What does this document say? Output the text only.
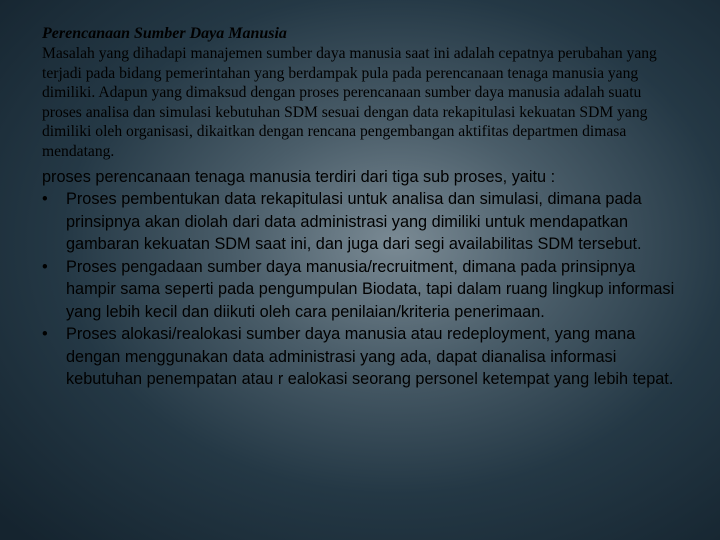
Perencanaan Sumber Daya Manusia

Masalah yang dihadapi manajemen sumber daya manusia saat ini adalah cepatnya perubahan yang terjadi pada bidang pemerintahan yang berdampak pula pada perencanaan tenaga manusia yang dimiliki. Adapun yang dimaksud dengan proses perencanaan sumber daya manusia adalah suatu proses analisa dan simulasi kebutuhan SDM sesuai dengan data rekapitulasi kekuatan SDM yang dimiliki oleh organisasi, dikaitkan dengan rencana pengembangan aktifitas departmen dimasa mendatang.

proses perencanaan tenaga manusia terdiri dari tiga sub proses, yaitu :

•	Proses pembentukan data rekapitulasi untuk analisa dan simulasi, dimana pada prinsipnya akan diolah dari data administrasi yang dimiliki untuk mendapatkan gambaran kekuatan SDM saat ini, dan juga dari segi availabilitas SDM tersebut.
•	Proses pengadaan sumber daya manusia/recruitment, dimana pada prinsipnya hampir sama seperti pada pengumpulan Biodata, tapi dalam ruang lingkup informasi yang lebih kecil dan diikuti oleh cara penilaian/kriteria penerimaan.
•	Proses alokasi/realokasi sumber daya manusia atau redeployment, yang mana dengan menggunakan data administrasi yang ada, dapat dianalisa informasi kebutuhan penempatan atau r ealokasi seorang personel ketempat yang lebih tepat.
